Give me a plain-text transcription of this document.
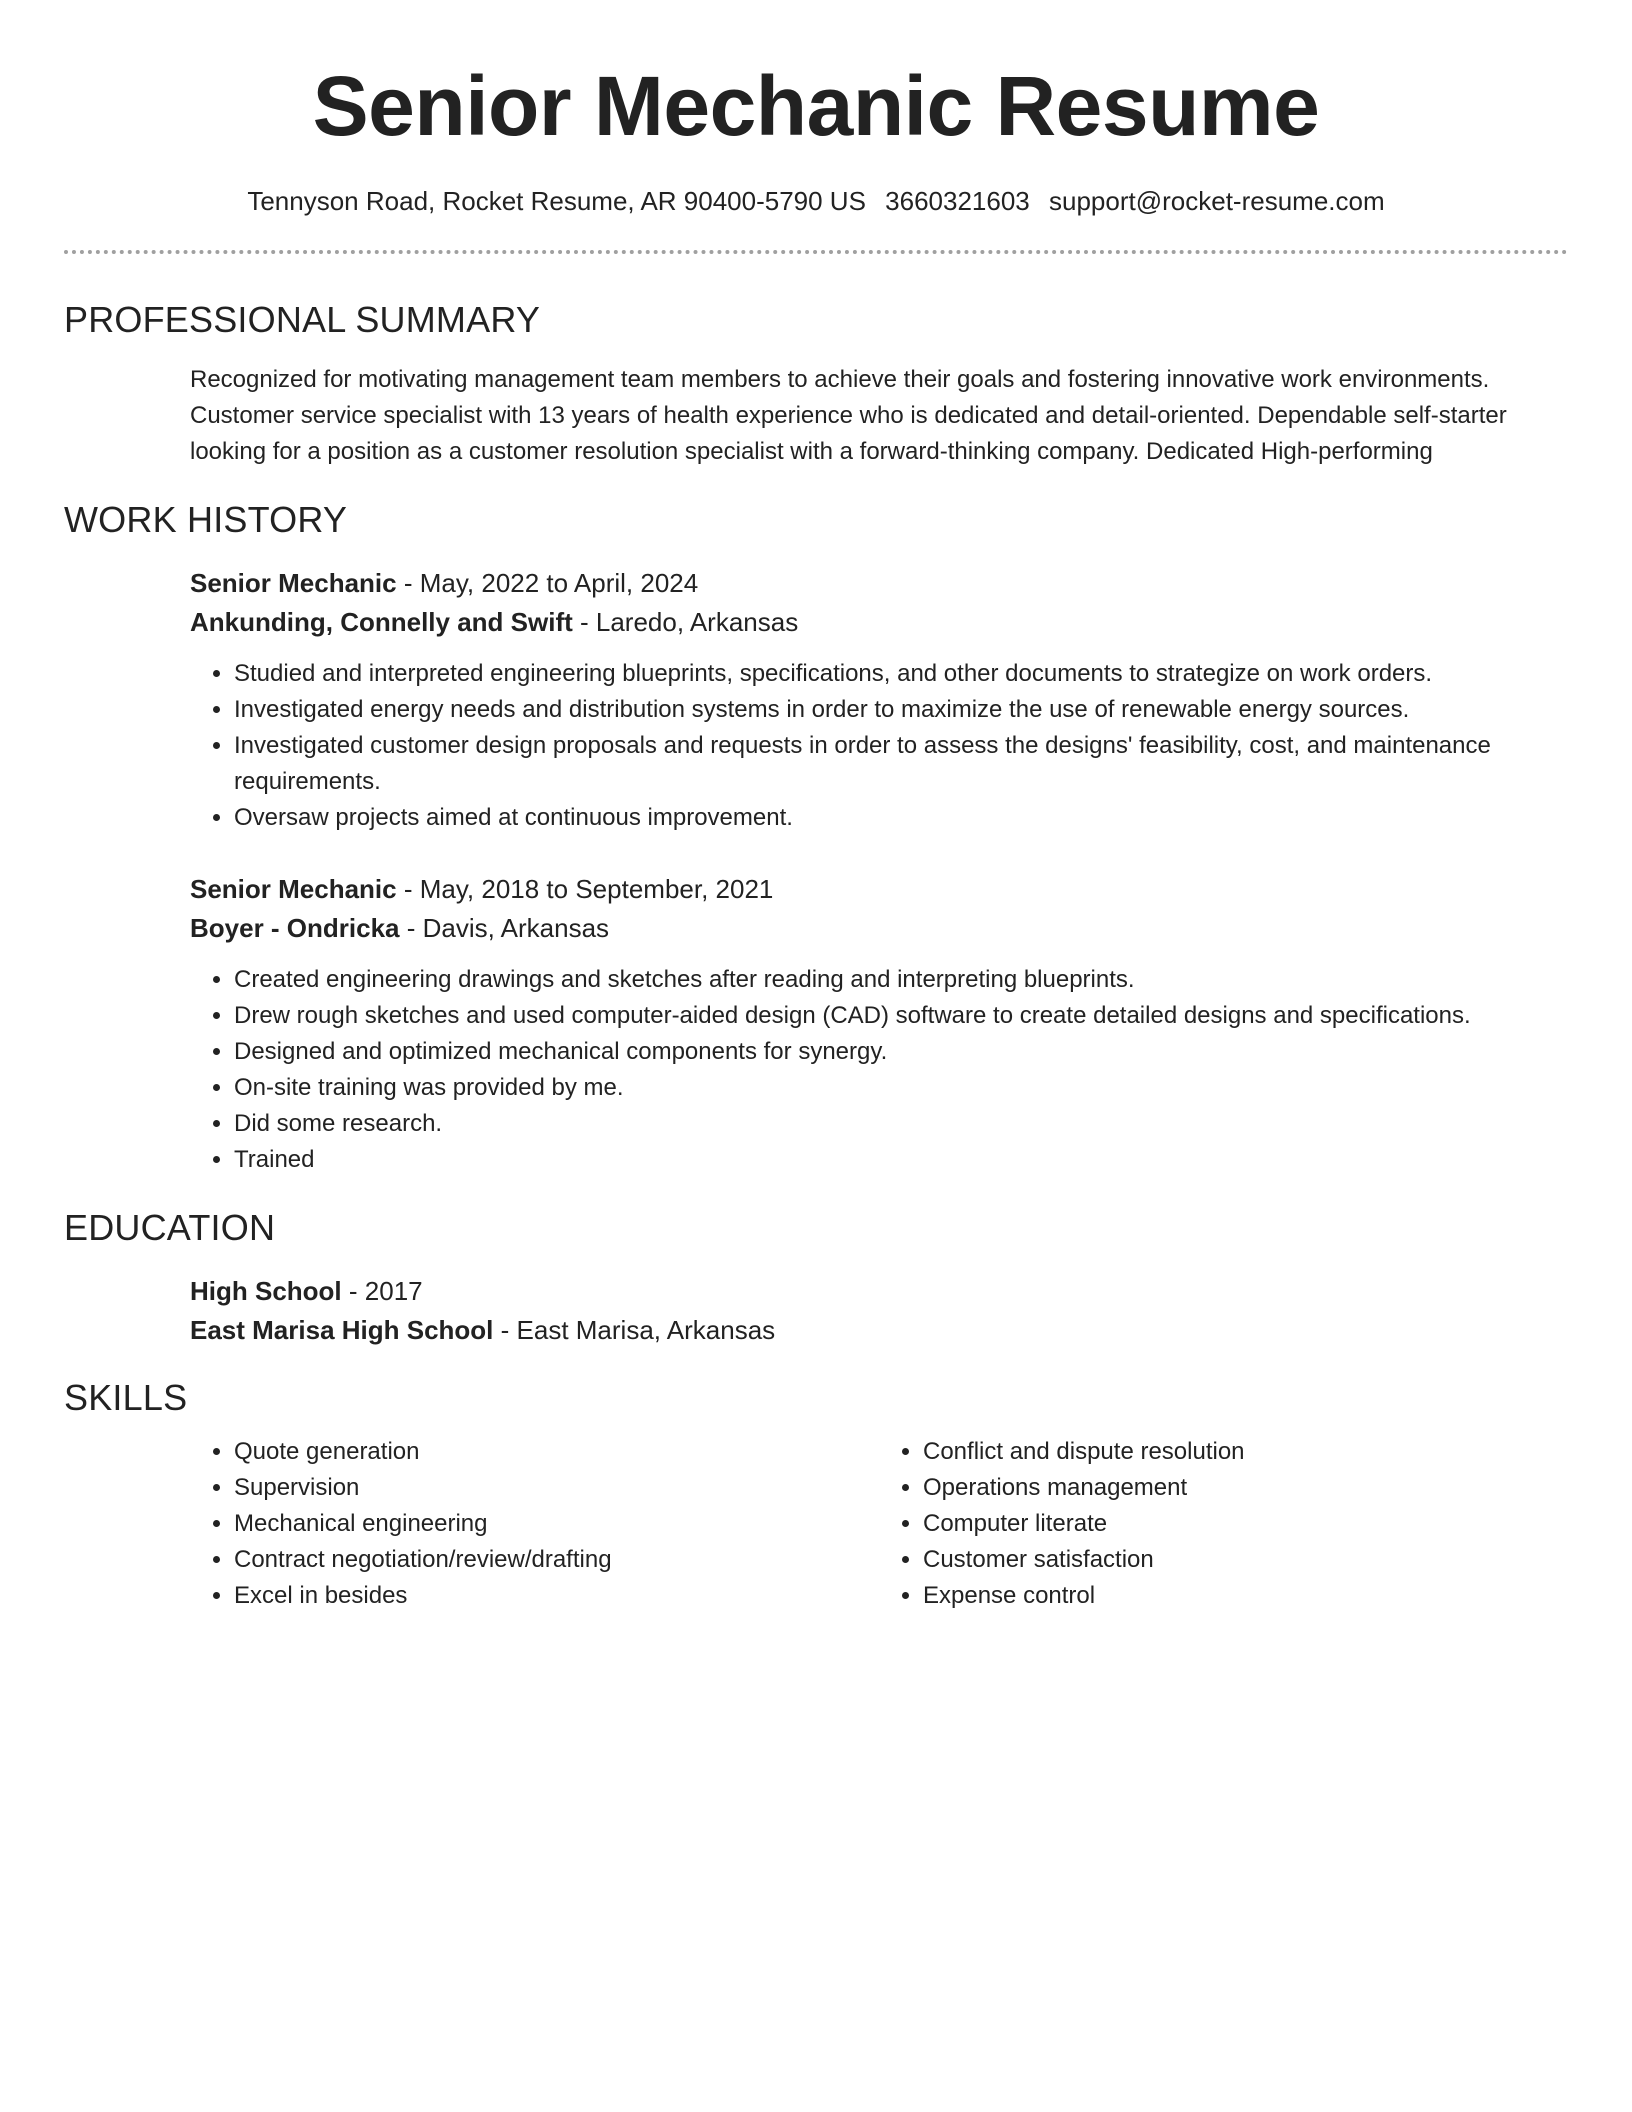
Senior Mechanic Resume
Tennyson Road, Rocket Resume, AR 90400-5790 US 3660321603 support@rocket-resume.com
PROFESSIONAL SUMMARY
Recognized for motivating management team members to achieve their goals and fostering innovative work environments. Customer service specialist with 13 years of health experience who is dedicated and detail-oriented. Dependable self-starter looking for a position as a customer resolution specialist with a forward-thinking company. Dedicated High-performing
WORK HISTORY
Senior Mechanic - May, 2022 to April, 2024
Ankunding, Connelly and Swift - Laredo, Arkansas
• Studied and interpreted engineering blueprints, specifications, and other documents to strategize on work orders.
• Investigated energy needs and distribution systems in order to maximize the use of renewable energy sources.
• Investigated customer design proposals and requests in order to assess the designs' feasibility, cost, and maintenance requirements.
• Oversaw projects aimed at continuous improvement.
Senior Mechanic - May, 2018 to September, 2021
Boyer - Ondricka - Davis, Arkansas
• Created engineering drawings and sketches after reading and interpreting blueprints.
• Drew rough sketches and used computer-aided design (CAD) software to create detailed designs and specifications.
• Designed and optimized mechanical components for synergy.
• On-site training was provided by me.
• Did some research.
• Trained
EDUCATION
High School - 2017
East Marisa High School - East Marisa, Arkansas
SKILLS
• Quote generation
• Supervision
• Mechanical engineering
• Contract negotiation/review/drafting
• Excel in besides
• Conflict and dispute resolution
• Operations management
• Computer literate
• Customer satisfaction
• Expense control
